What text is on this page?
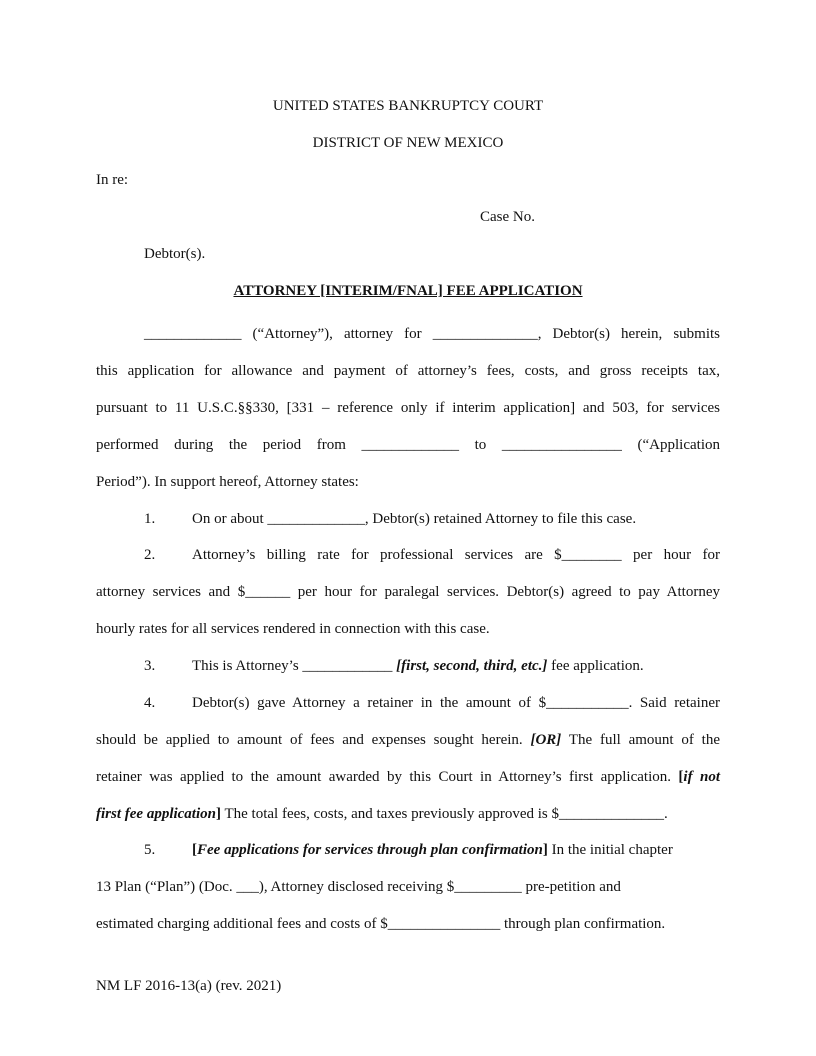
UNITED STATES BANKRUPTCY COURT
DISTRICT OF NEW MEXICO
In re:
Case No.
Debtor(s).
ATTORNEY [INTERIM/FNAL] FEE APPLICATION
_____________ (“Attorney”), attorney for ______________, Debtor(s) herein, submits
this application for allowance and payment of attorney’s fees, costs, and gross receipts tax,
pursuant to 11 U.S.C.§§330, [331 – reference only if interim application] and 503, for services
performed during the period from _____________ to ________________ (“Application
Period”). In support hereof, Attorney states:
1. On or about _____________, Debtor(s) retained Attorney to file this case.
2. Attorney’s billing rate for professional services are $________ per hour for
attorney services and $______ per hour for paralegal services. Debtor(s) agreed to pay Attorney
hourly rates for all services rendered in connection with this case.
3. This is Attorney’s ____________ [first, second, third, etc.] fee application.
4. Debtor(s) gave Attorney a retainer in the amount of $___________. Said retainer
should be applied to amount of fees and expenses sought herein. [OR] The full amount of the
retainer was applied to the amount awarded by this Court in Attorney’s first application. [if not
first fee application] The total fees, costs, and taxes previously approved is $______________.
5. [Fee applications for services through plan confirmation] In the initial chapter
13 Plan (“Plan”) (Doc. ___), Attorney disclosed receiving $_________ pre-petition and
estimated charging additional fees and costs of $_______________ through plan confirmation.
NM LF 2016-13(a) (rev. 2021)
